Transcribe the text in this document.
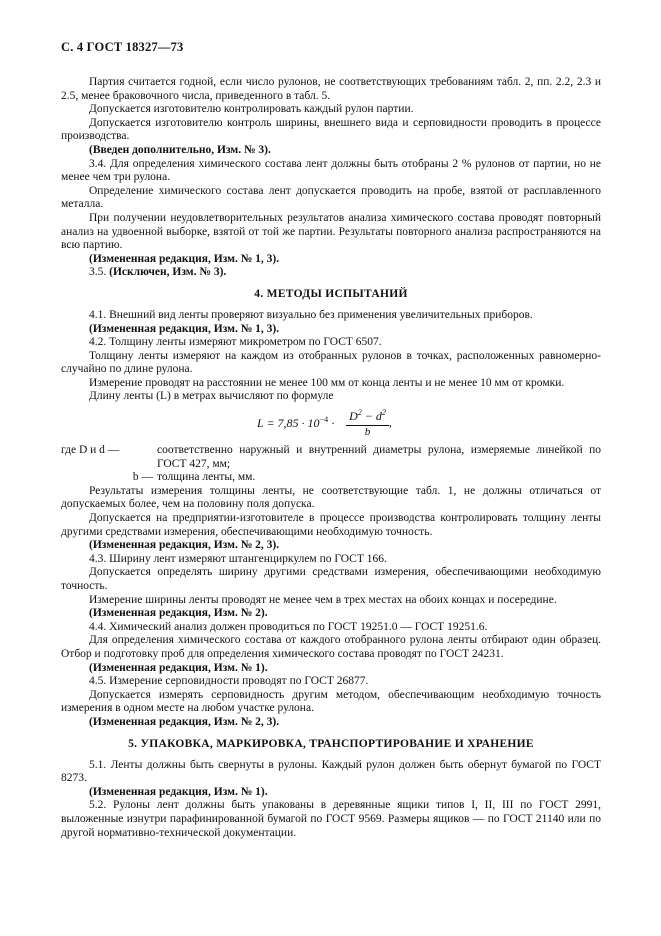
С. 4 ГОСТ 18327—73

Партия считается годной, если число рулонов, не соответствующих требованиям табл. 2, пп. 2.2, 2.3 и 2.5, менее браковочного числа, приведенного в табл. 5.

Допускается изготовителю контролировать каждый рулон партии.

Допускается изготовителю контроль ширины, внешнего вида и серповидности проводить в процессе производства.

(Введен дополнительно, Изм. № 3).

3.4. Для определения химического состава лент должны быть отобраны 2 % рулонов от партии, но не менее чем три рулона.

Определение химического состава лент допускается проводить на пробе, взятой от расплавленного металла.

При получении неудовлетворительных результатов анализа химического состава проводят повторный анализ на удвоенной выборке, взятой от той же партии. Результаты повторного анализа распространяются на всю партию.

(Измененная редакция, Изм. № 1, 3).

3.5. (Исключен, Изм. № 3).

4. МЕТОДЫ ИСПЫТАНИЙ

4.1. Внешний вид ленты проверяют визуально без применения увеличительных приборов.

(Измененная редакция, Изм. № 1, 3).

4.2. Толщину ленты измеряют микрометром по ГОСТ 6507.

Толщину ленты измеряют на каждом из отобранных рулонов в точках, расположенных равномерно-случайно по длине рулона.

Измерение проводят на расстоянии не менее 100 мм от конца ленты и не менее 10 мм от кромки.

Длину ленты (L) в метрах вычисляют по формуле

$L = 7,85 \cdot 10^{-4} \cdot \frac{D^2 - d^2}{b}$ ,
где D и d —	соответственно наружный и внутренний диаметры рулона, измеряемые линейкой по ГОСТ 427, мм;
b — толщина ленты, мм.

Результаты измерения толщины ленты, не соответствующие табл. 1, не должны отличаться от допускаемых более, чем на половину поля допуска.

Допускается на предприятии-изготовителе в процессе производства контролировать толщину ленты другими средствами измерения, обеспечивающими необходимую точность.

(Измененная редакция, Изм. № 2, 3).

4.3. Ширину лент измеряют штангенциркулем по ГОСТ 166.

Допускается определять ширину другими средствами измерения, обеспечивающими необходимую точность.

Измерение ширины ленты проводят не менее чем в трех местах на обоих концах и посередине.

(Измененная редакция, Изм. № 2).

4.4. Химический анализ должен проводиться по ГОСТ 19251.0 — ГОСТ 19251.6.

Для определения химического состава от каждого отобранного рулона ленты отбирают один образец. Отбор и подготовку проб для определения химического состава проводят по ГОСТ 24231.

(Измененная редакция, Изм. № 1).

4.5. Измерение серповидности проводят по ГОСТ 26877.

Допускается измерять серповидность другим методом, обеспечивающим необходимую точность измерения в одном месте на любом участке рулона.

(Измененная редакция, Изм. № 2, 3).

5. УПАКОВКА, МАРКИРОВКА, ТРАНСПОРТИРОВАНИЕ И ХРАНЕНИЕ

5.1. Ленты должны быть свернуты в рулоны. Каждый рулон должен быть обернут бумагой по ГОСТ 8273.

(Измененная редакция, Изм. № 1).

5.2. Рулоны лент должны быть упакованы в деревянные ящики типов I, II, III по ГОСТ 2991, выложенные изнутри парафинированной бумагой по ГОСТ 9569. Размеры ящиков — по ГОСТ 21140 или по другой нормативно-технической документации.
